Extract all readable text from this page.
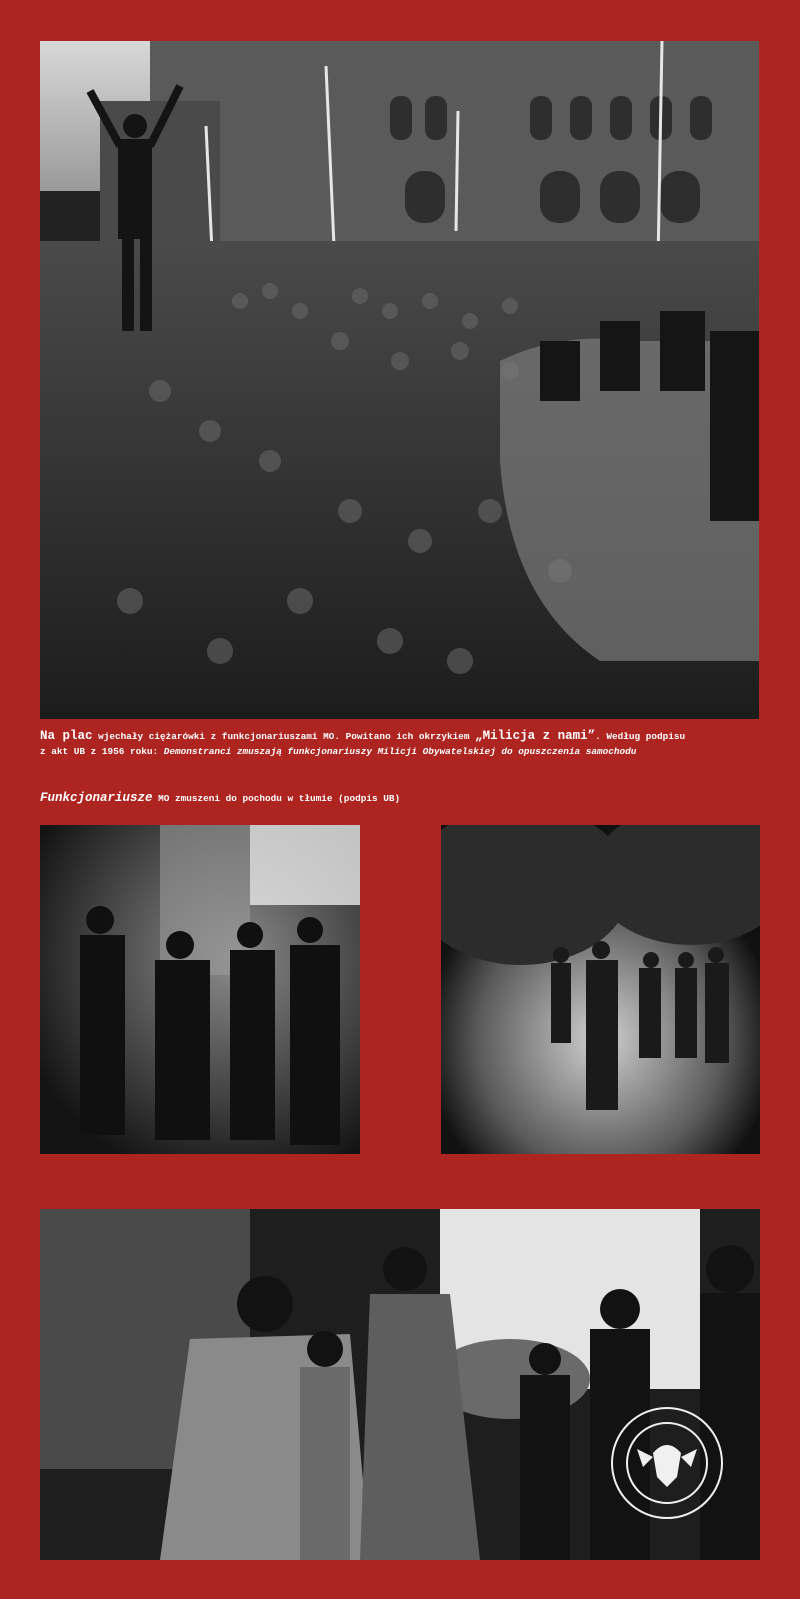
Na plac wjechały ciężarówki z funkcjonariuszami MO. Powitano ich okrzykiem „Milicja z nami”. Według podpisu
z akt UB z 1956 roku: Demonstranci zmuszają funkcjonariuszy Milicji Obywatelskiej do opuszczenia samochodu
Funkcjonariusze MO zmuszeni do pochodu w tłumie (podpis UB)
